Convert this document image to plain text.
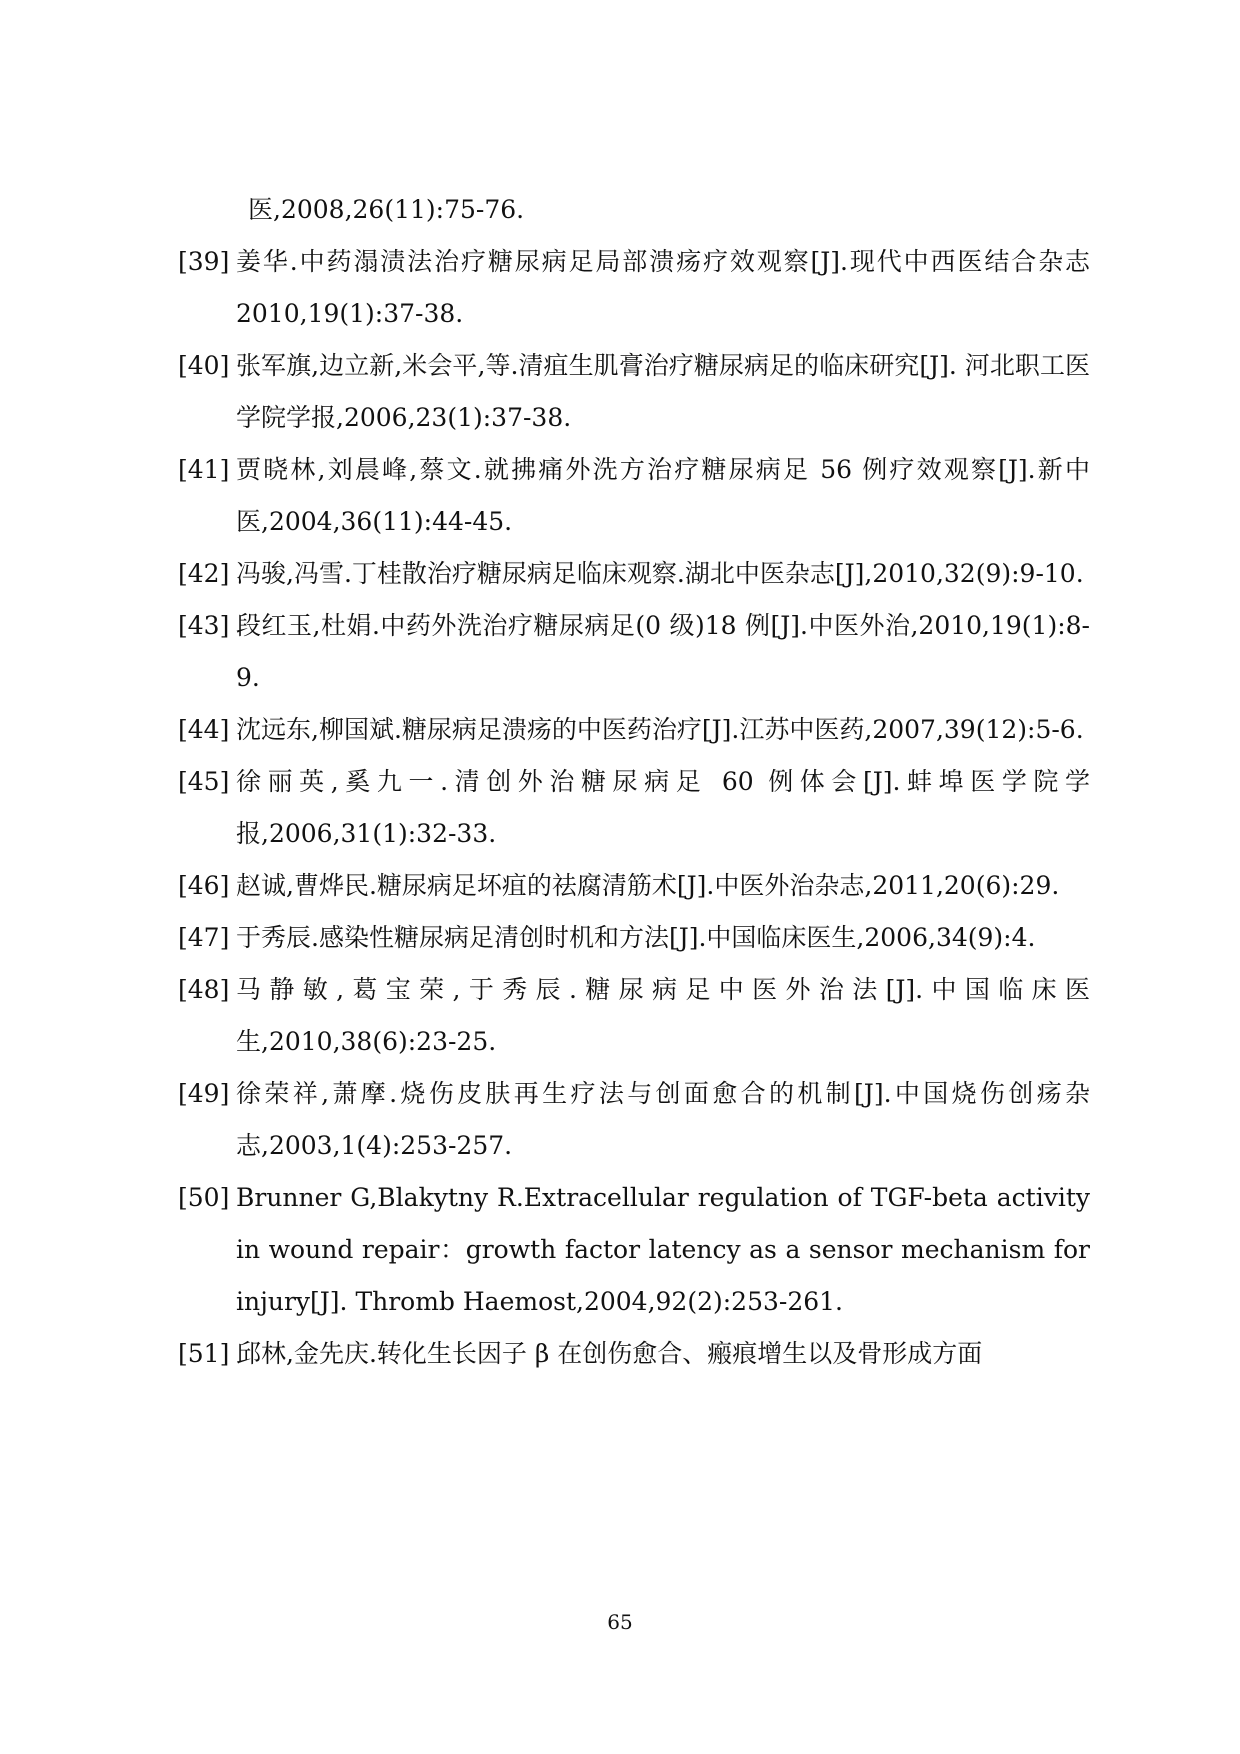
医,2008,26(11):75-76.
[39] 姜华.中药溻渍法治疗糖尿病足局部溃疡疗效观察[J].现代中西医结合杂志 2010,19(1):37-38.
[40] 张军旗,边立新,米会平,等.清疽生肌膏治疗糖尿病足的临床研究[J]. 河北职工医学院学报,2006,23(1):37-38.
[41] 贾晓林,刘晨峰,蔡文.就拂痛外洗方治疗糖尿病足 56 例疗效观察[J].新中医,2004,36(11):44-45.
[42] 冯骏,冯雪.丁桂散治疗糖尿病足临床观察.湖北中医杂志[J],2010,32(9):9-10.
[43] 段红玉,杜娟.中药外洗治疗糖尿病足(0 级)18 例[J].中医外治,2010,19(1):8-9.
[44] 沈远东,柳国斌.糖尿病足溃疡的中医药治疗[J].江苏中医药,2007,39(12):5-6.
[45] 徐丽英,奚九一.清创外治糖尿病足 60 例体会[J].蚌埠医学院学报,2006,31(1):32-33.
[46] 赵诚,曹烨民.糖尿病足坏疽的祛腐清筋术[J].中医外治杂志,2011,20(6):29.
[47] 于秀辰.感染性糖尿病足清创时机和方法[J].中国临床医生,2006,34(9):4.
[48] 马静敏,葛宝荣,于秀辰.糖尿病足中医外治法[J].中国临床医生,2010,38(6):23-25.
[49] 徐荣祥,萧摩.烧伤皮肤再生疗法与创面愈合的机制[J].中国烧伤创疡杂志,2003,1(4):253-257.
[50] Brunner G,Blakytny R.Extracellular regulation of TGF-beta activity in wound repair：growth factor latency as a sensor mechanism for injury[J]. Thromb Haemost,2004,92(2):253-261.
[51] 邱林,金先庆.转化生长因子 β 在创伤愈合、瘢痕增生以及骨形成方面
65
